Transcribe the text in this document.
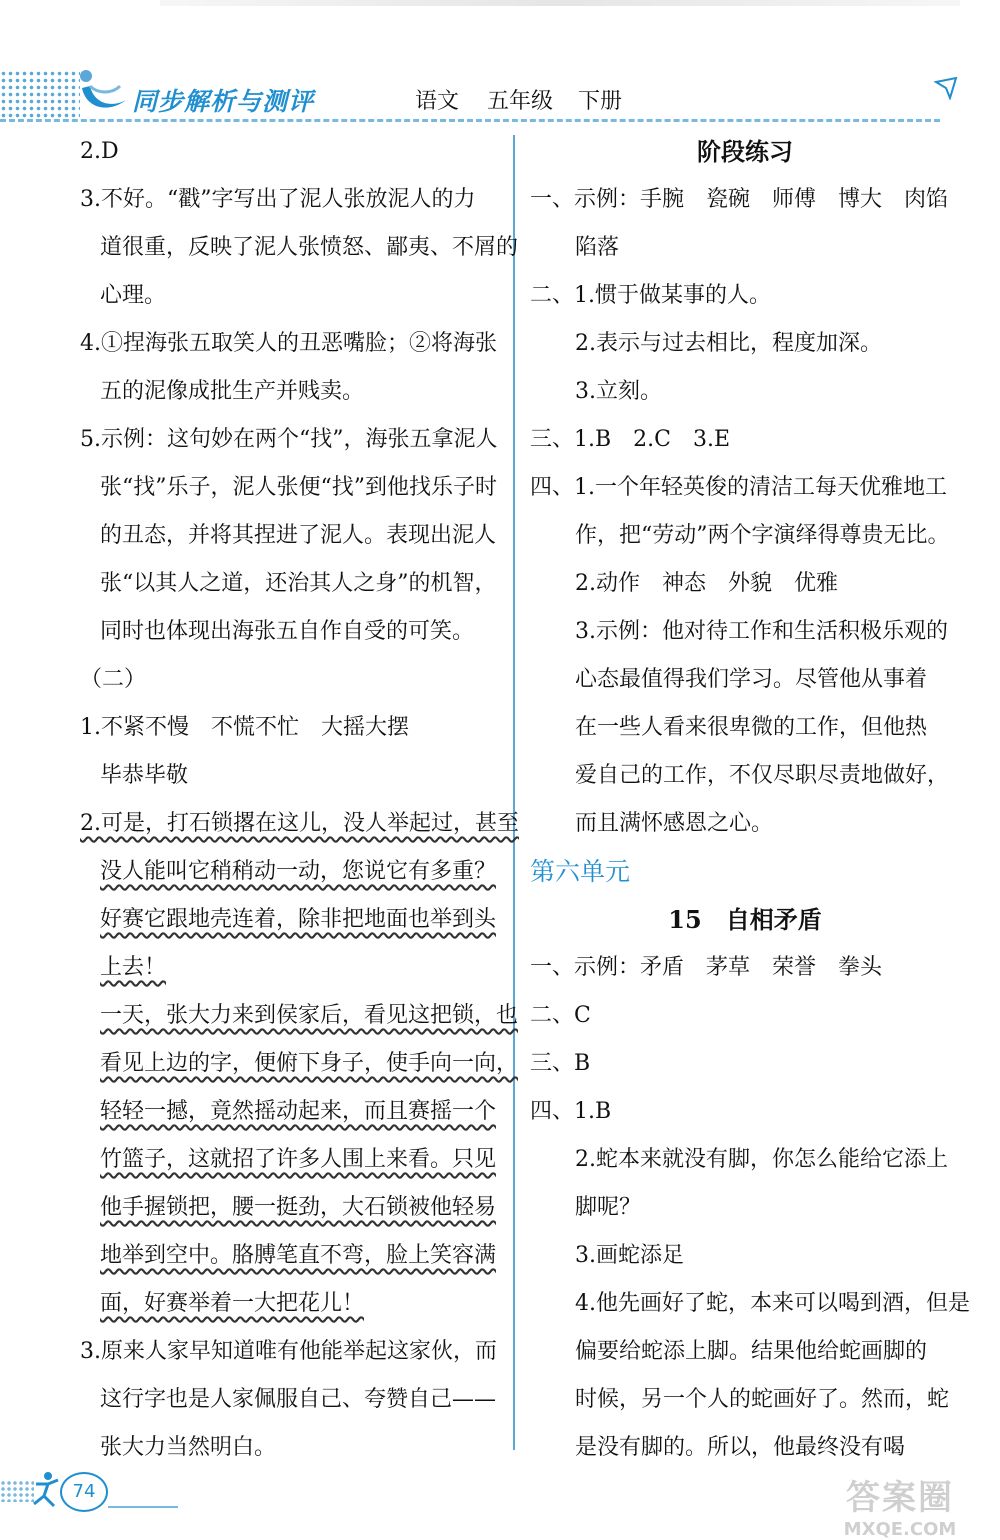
同步解析与测评	语文 五年级 下册
2.D
3.不好。“戳”字写出了泥人张放泥人的力
道很重，反映了泥人张愤怒、鄙夷、不屑的
心理。
4.①捏海张五取笑人的丑恶嘴脸；②将海张
五的泥像成批生产并贱卖。
5.示例：这句妙在两个“找”，海张五拿泥人
张“找”乐子，泥人张便“找”到他找乐子时
的丑态，并将其捏进了泥人。表现出泥人
张“以其人之道，还治其人之身”的机智，
同时也体现出海张五自作自受的可笑。
（二）
1.不紧不慢　不慌不忙　大摇大摆
毕恭毕敬
2.可是，打石锁撂在这儿，没人举起过，甚至
没人能叫它稍稍动一动，您说它有多重？
好赛它跟地壳连着，除非把地面也举到头
上去！
一天，张大力来到侯家后，看见这把锁，也
看见上边的字，便俯下身子，使手向一向，
轻轻一撼，竟然摇动起来，而且赛摇一个
竹篮子，这就招了许多人围上来看。只见
他手握锁把，腰一挺劲，大石锁被他轻易
地举到空中。胳膊笔直不弯，脸上笑容满
面，好赛举着一大把花儿！
3.原来人家早知道唯有他能举起这家伙，而
这行字也是人家佩服自己、夸赞自己——
张大力当然明白。
阶段练习
一、示例：手腕　瓷碗　师傅　博大　肉馅
陷落
二、1.惯于做某事的人。
2.表示与过去相比，程度加深。
3.立刻。
三、1.B　2.C　3.E
四、1.一个年轻英俊的清洁工每天优雅地工
作，把“劳动”两个字演绎得尊贵无比。
2.动作　神态　外貌　优雅
3.示例：他对待工作和生活积极乐观的
心态最值得我们学习。尽管他从事着
在一些人看来很卑微的工作，但他热
爱自己的工作，不仅尽职尽责地做好，
而且满怀感恩之心。
第六单元
15　自相矛盾
一、示例：矛盾　茅草　荣誉　拳头
二、C
三、B
四、1.B
2.蛇本来就没有脚，你怎么能给它添上
脚呢？
3.画蛇添足
4.他先画好了蛇，本来可以喝到酒，但是
偏要给蛇添上脚。结果他给蛇画脚的
时候，另一个人的蛇画好了。然而，蛇
是没有脚的。所以，他最终没有喝
74	答案圈
MXQE.COM
